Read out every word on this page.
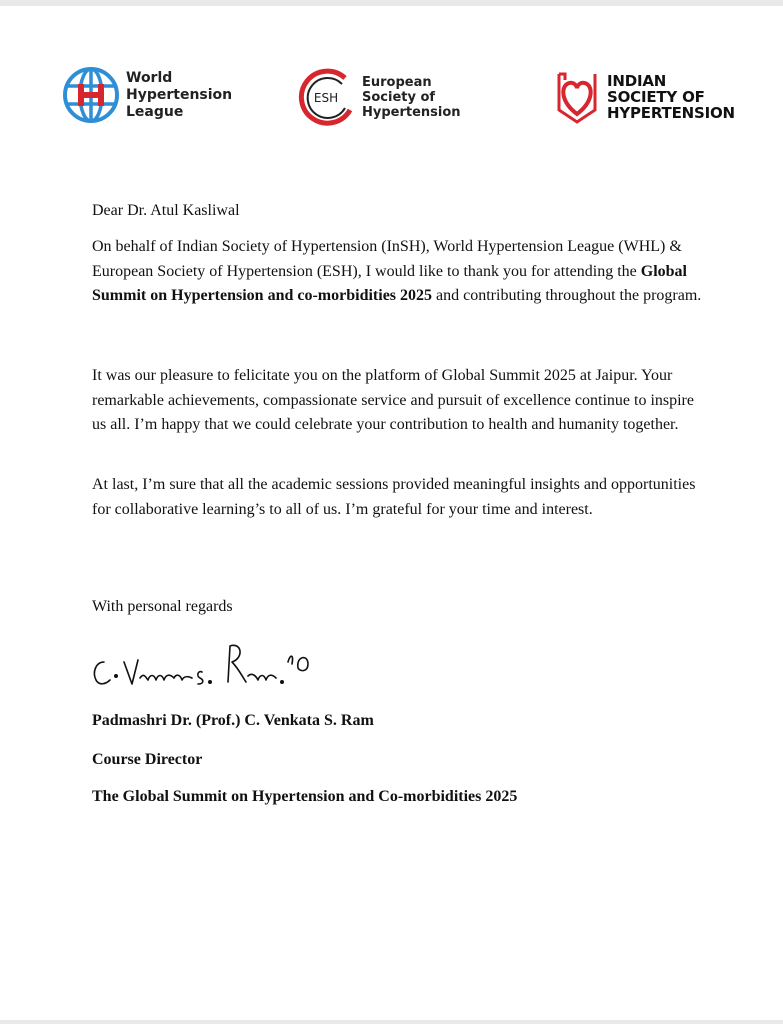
World
Hypertension
League
ESH
European
Society of
Hypertension
INDIAN
SOCIETY OF
HYPERTENSION
Dear Dr. Atul Kasliwal
On behalf of Indian Society of Hypertension (InSH), World Hypertension League (WHL) & European Society of Hypertension (ESH), I would like to thank you for attending the Global Summit on Hypertension and co-morbidities 2025 and contributing throughout the program.
It was our pleasure to felicitate you on the platform of Global Summit 2025 at Jaipur. Your remarkable achievements, compassionate service and pursuit of excellence continue to inspire us all. I’m happy that we could celebrate your contribution to health and humanity together.
At last, I’m sure that all the academic sessions provided meaningful insights and opportunities for collaborative learning’s to all of us. I’m grateful for your time and interest.
With personal regards
Padmashri Dr. (Prof.) C. Venkata S. Ram
Course Director
The Global Summit on Hypertension and Co-morbidities 2025
